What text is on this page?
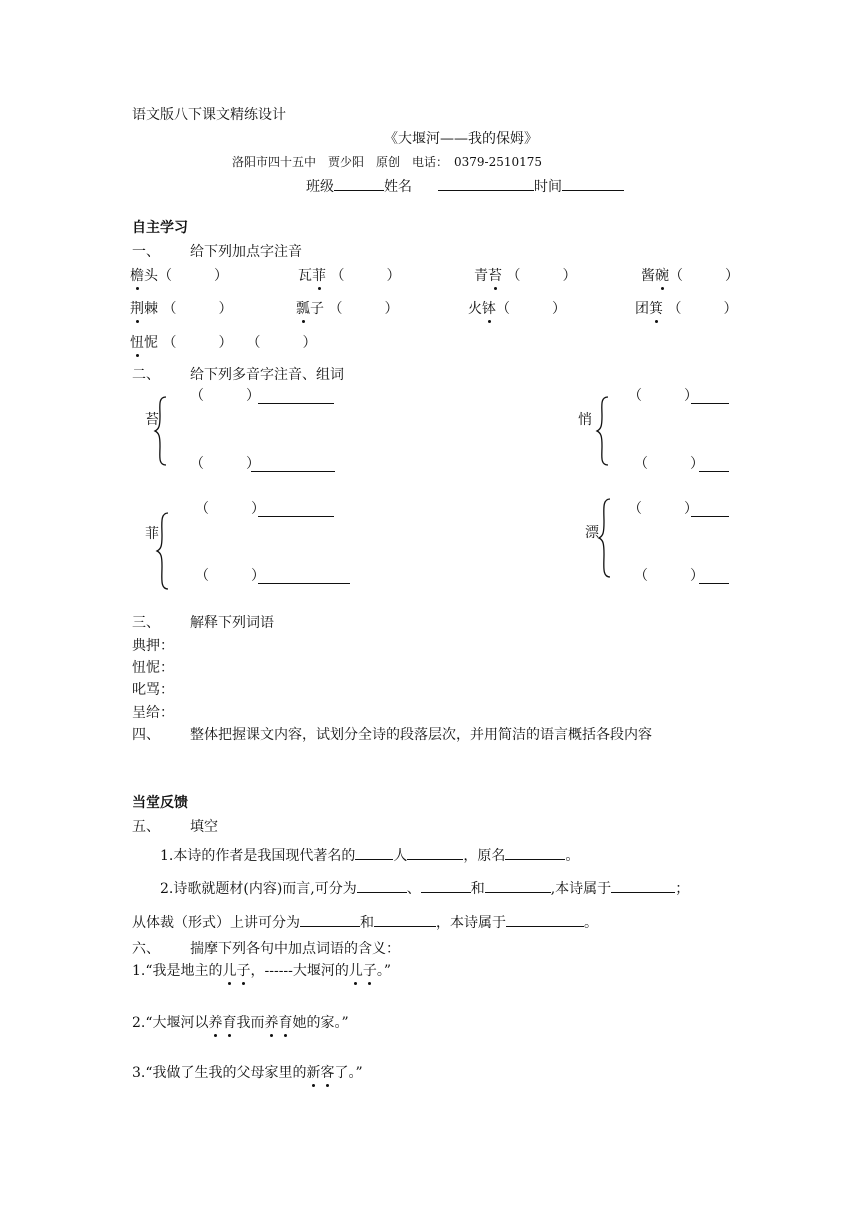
语文版八下课文精练设计
《大堰河——我的保姆》
洛阳市四十五中　贾少阳　原创　电话：　0379-2510175
班级	姓名	时间
自主学习
一、 给下列加点字注音
檐头（　　　）	瓦菲 （　　　）	青苔 （　　　）	酱碗（　　　）
荆棘 （　　　）	瓢子 （　　　）	火钵（　　　）	团箕 （　　　）
忸怩 （　　　）　　（　　　）
二、 给下列多音字注音、组词
苔
（　　　）
（　　　）
悄
（　　　）
（　　　）
菲
（　　　）
（　　　）
漂
（　　　）
（　　　）
三、 解释下列词语
典押：
忸怩：
叱骂：
呈给：
四、 整体把握课文内容，试划分全诗的段落层次，并用简洁的语言概括各段内容
当堂反馈
五、 填空
1.本诗的作者是我国现代著名的	人	，原名	。
2.诗歌就题材(内容)而言,可分为	、	和	,本诗属于	；
从体裁（形式）上讲可分为	和	，本诗属于	。
六、 揣摩下列各句中加点词语的含义：
1.“我是地主的儿子，------大堰河的儿子。”
2.“大堰河以养育我而养育她的家。”
3.“我做了生我的父母家里的新客了。”
